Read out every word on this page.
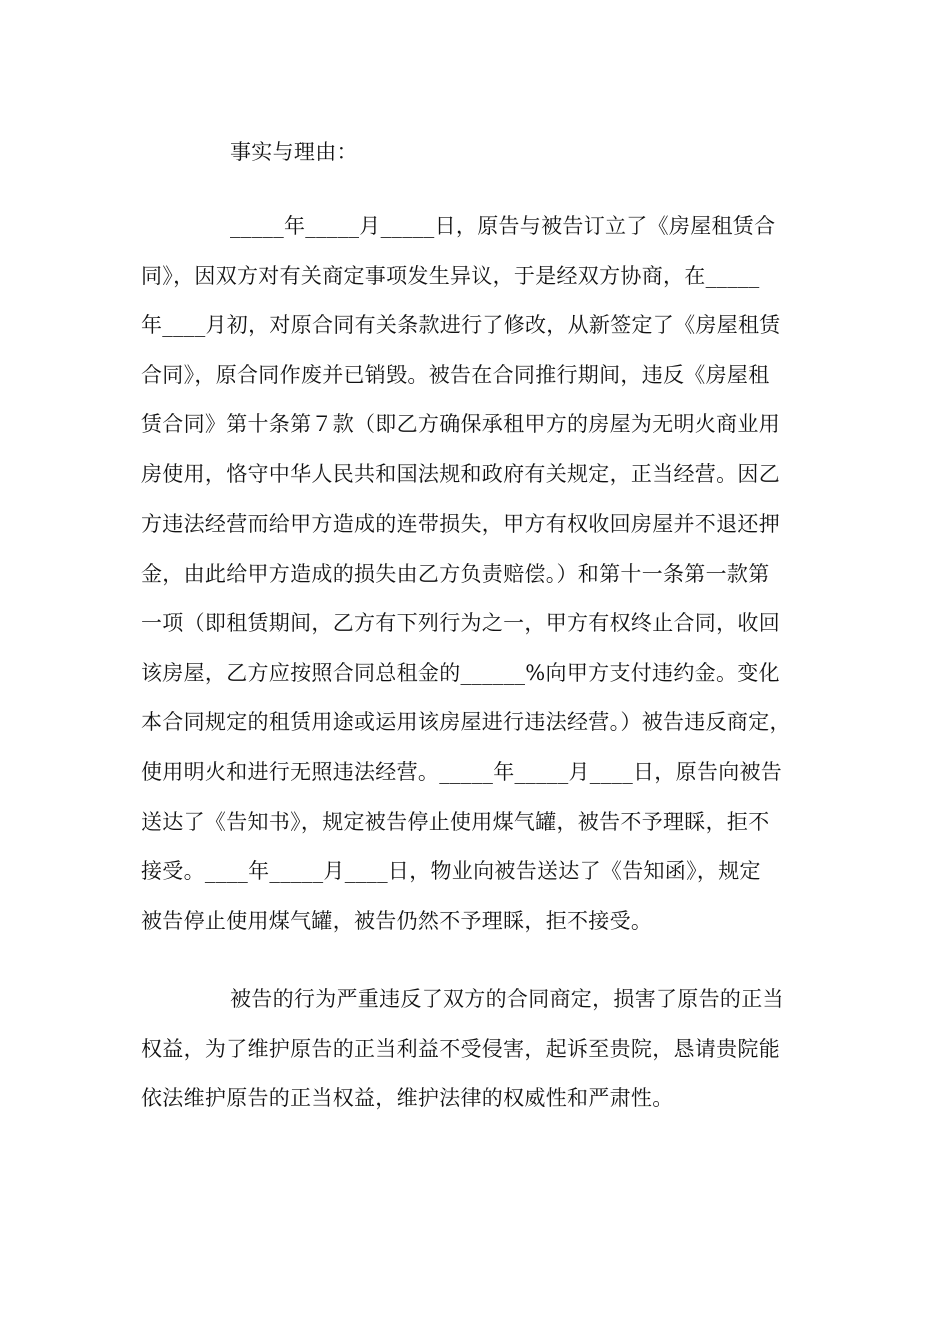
事实与理由：
_____年_____月_____日，原告与被告订立了《房屋租赁合
同》，因双方对有关商定事项发生异议，于是经双方协商，在_____
年____月初，对原合同有关条款进行了修改，从新签定了《房屋租赁
合同》，原合同作废并已销毁。被告在合同推行期间，违反《房屋租
赁合同》第十条第７款（即乙方确保承租甲方的房屋为无明火商业用
房使用，恪守中华人民共和国法规和政府有关规定，正当经营。因乙
方违法经营而给甲方造成的连带损失，甲方有权收回房屋并不退还押
金，由此给甲方造成的损失由乙方负责赔偿。）和第十一条第一款第
一项（即租赁期间，乙方有下列行为之一，甲方有权终止合同，收回
该房屋，乙方应按照合同总租金的______%向甲方支付违约金。变化
本合同规定的租赁用途或运用该房屋进行违法经营。）被告违反商定，
使用明火和进行无照违法经营。_____年_____月____日，原告向被告
送达了《告知书》，规定被告停止使用煤气罐，被告不予理睬，拒不
接受。____年_____月____日，物业向被告送达了《告知函》，规定
被告停止使用煤气罐，被告仍然不予理睬，拒不接受。
被告的行为严重违反了双方的合同商定，损害了原告的正当
权益，为了维护原告的正当利益不受侵害，起诉至贵院，恳请贵院能
依法维护原告的正当权益，维护法律的权威性和严肃性。
